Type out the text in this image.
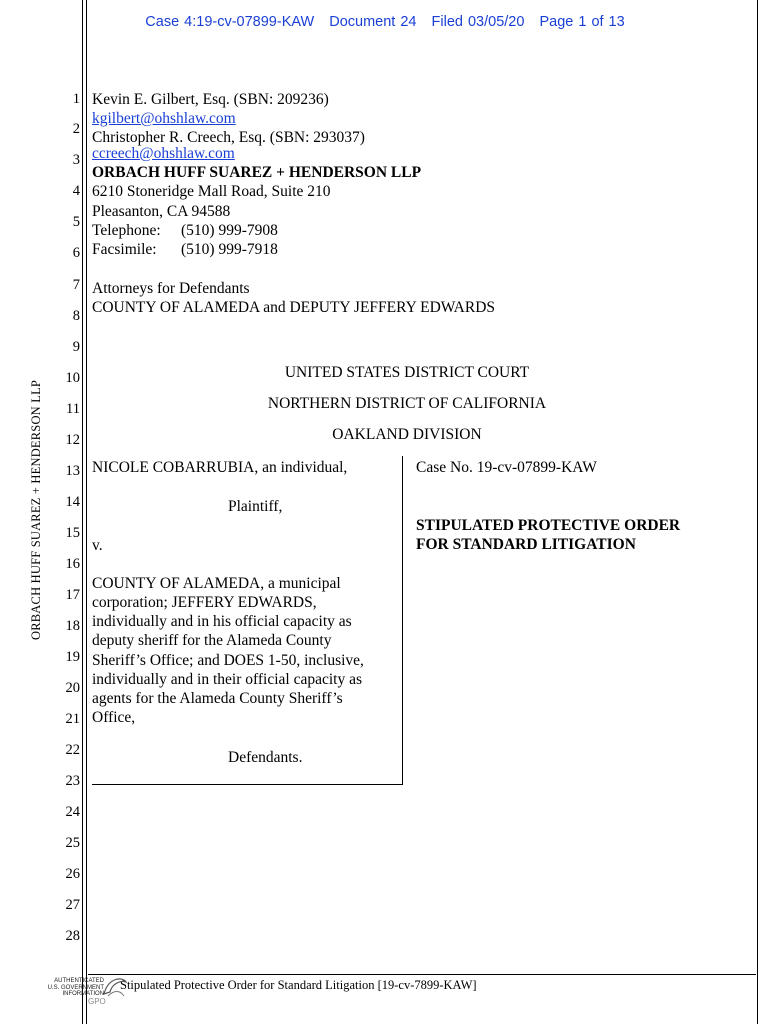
Case 4:19-cv-07899-KAW Document 24 Filed 03/05/20 Page 1 of 13
ORBACH HUFF SUAREZ + HENDERSON LLP
1
2
3
4
5
6
7
8
9
10
11
12
13
14
15
16
17
18
19
20
21
22
23
24
25
26
27
28
Kevin E. Gilbert, Esq. (SBN: 209236)
kgilbert@ohshlaw.com
Christopher R. Creech, Esq. (SBN: 293037)
ccreech@ohshlaw.com
ORBACH HUFF SUAREZ + HENDERSON LLP
6210 Stoneridge Mall Road, Suite 210
Pleasanton, CA 94588
Telephone: (510) 999-7908
Facsimile: (510) 999-7918
Attorneys for Defendants
COUNTY OF ALAMEDA and DEPUTY JEFFERY EDWARDS
UNITED STATES DISTRICT COURT
NORTHERN DISTRICT OF CALIFORNIA
OAKLAND DIVISION
NICOLE COBARRUBIA, an individual,
Plaintiff,
v.
COUNTY OF ALAMEDA, a municipal
corporation; JEFFERY EDWARDS,
individually and in his official capacity as
deputy sheriff for the Alameda County
Sheriff’s Office; and DOES 1-50, inclusive,
individually and in their official capacity as
agents for the Alameda County Sheriff’s
Office,
Defendants.
Case No. 19-cv-07899-KAW
STIPULATED PROTECTIVE ORDER
FOR STANDARD LITIGATION
Stipulated Protective Order for Standard Litigation [19-cv-7899-KAW]
AUTHENTICATED
U.S. GOVERNMENT
INFORMATION
GPO
